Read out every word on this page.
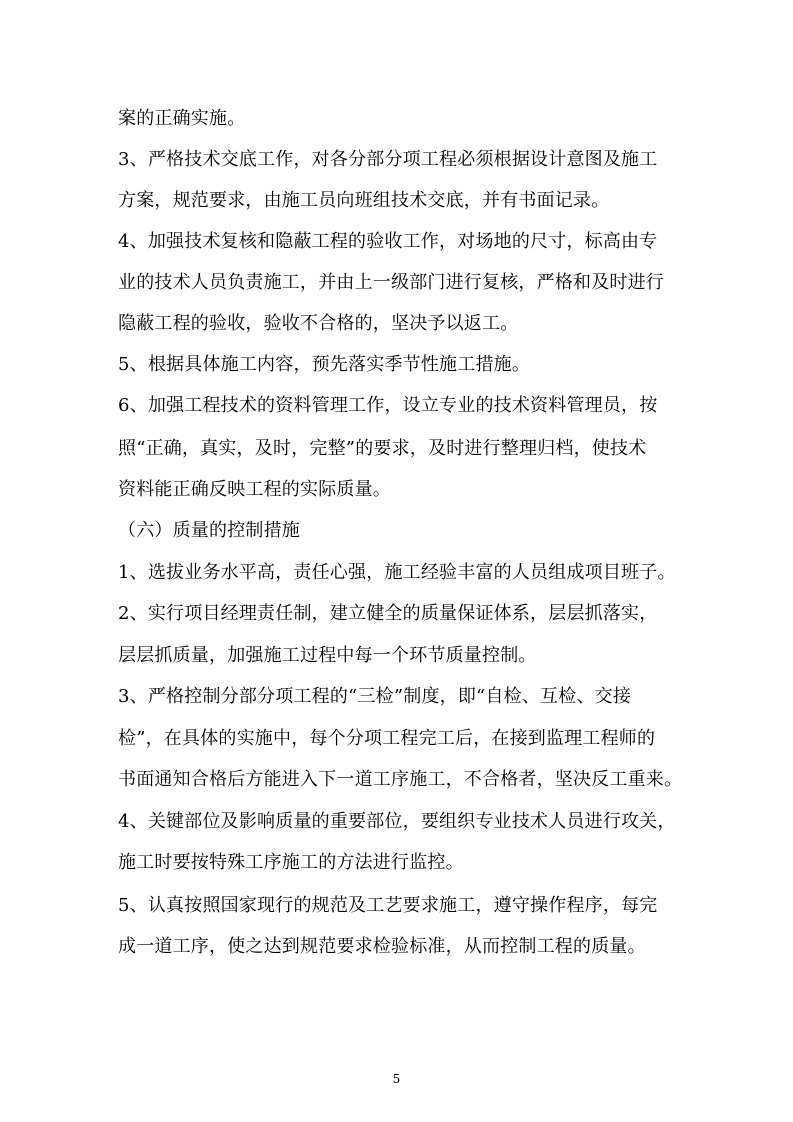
案的正确实施。
3、严格技术交底工作，对各分部分项工程必须根据设计意图及施工
方案，规范要求，由施工员向班组技术交底，并有书面记录。
4、加强技术复核和隐蔽工程的验收工作，对场地的尺寸，标高由专
业的技术人员负责施工，并由上一级部门进行复核，严格和及时进行
隐蔽工程的验收，验收不合格的，坚决予以返工。
5、根据具体施工内容，预先落实季节性施工措施。
6、加强工程技术的资料管理工作，设立专业的技术资料管理员，按
照“正确，真实，及时，完整”的要求，及时进行整理归档，使技术
资料能正确反映工程的实际质量。
（六）质量的控制措施
1、选拔业务水平高，责任心强，施工经验丰富的人员组成项目班子。
2、实行项目经理责任制，建立健全的质量保证体系，层层抓落实，
层层抓质量，加强施工过程中每一个环节质量控制。
3、严格控制分部分项工程的“三检”制度，即“自检、互检、交接
检”，在具体的实施中，每个分项工程完工后，在接到监理工程师的
书面通知合格后方能进入下一道工序施工，不合格者，坚决反工重来。
4、关键部位及影响质量的重要部位，要组织专业技术人员进行攻关，
施工时要按特殊工序施工的方法进行监控。
5、认真按照国家现行的规范及工艺要求施工，遵守操作程序，每完
成一道工序，使之达到规范要求检验标准，从而控制工程的质量。
5
